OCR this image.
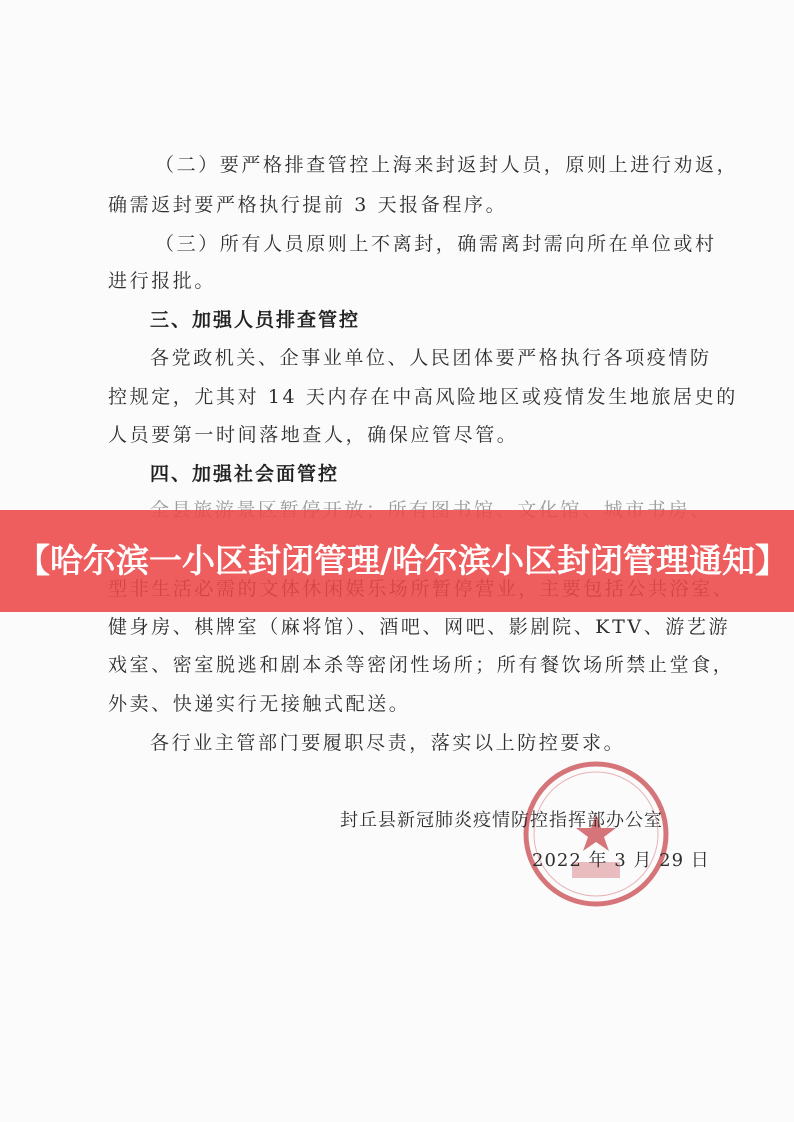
（二）要严格排查管控上海来封返封人员，原则上进行劝返，
确需返封要严格执行提前 3 天报备程序。
（三）所有人员原则上不离封，确需离封需向所在单位或村
进行报批。
三、加强人员排查管控
各党政机关、企事业单位、人民团体要严格执行各项疫情防
控规定，尤其对 14 天内存在中高风险地区或疫情发生地旅居史的
人员要第一时间落地查人，确保应管尽管。
四、加强社会面管控
健身房、棋牌室（麻将馆）、酒吧、网吧、影剧院、KTV、游艺游
戏室、密室脱逃和剧本杀等密闭性场所；所有餐饮场所禁止堂食，
外卖、快递实行无接触式配送。
各行业主管部门要履职尽责，落实以上防控要求。
封丘县新冠肺炎疫情防控指挥部办公室
2022 年 3 月 29 日
【哈尔滨一小区封闭管理/哈尔滨小区封闭管理通知】
